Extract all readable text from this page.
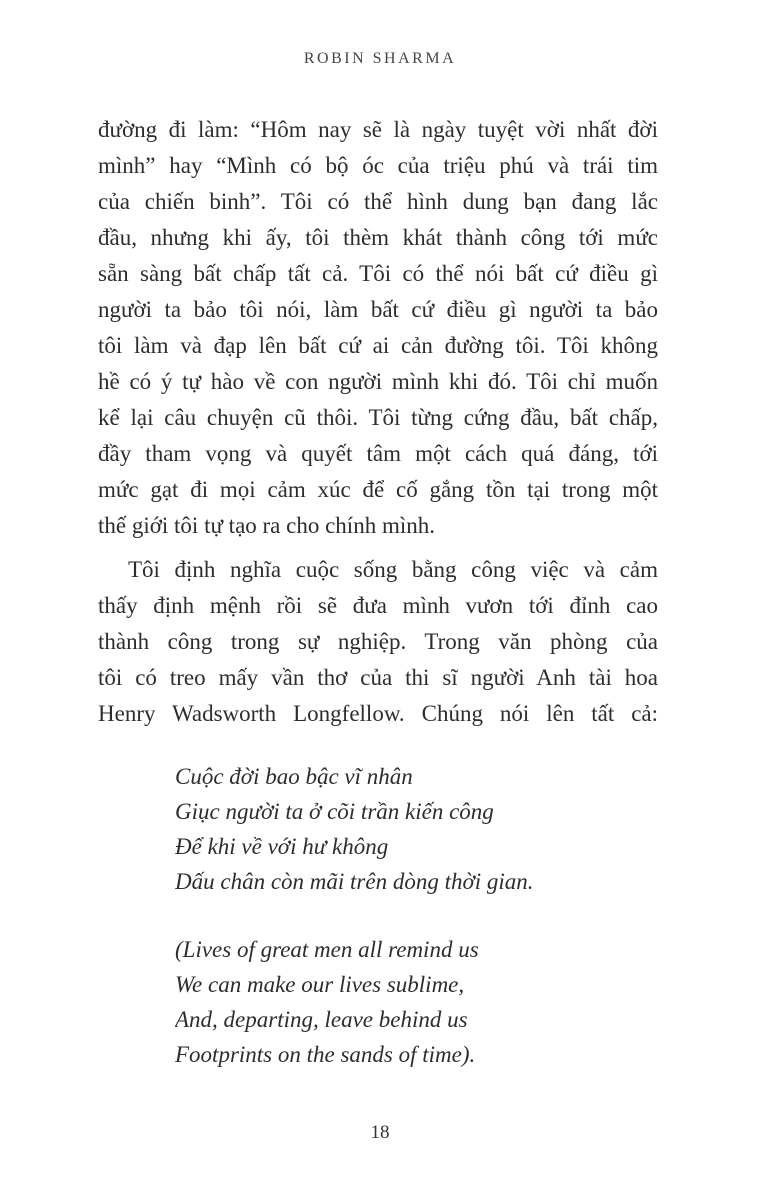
ROBIN SHARMA
đường đi làm: “Hôm nay sẽ là ngày tuyệt vời nhất đời
mình” hay “Mình có bộ óc của triệu phú và trái tim
của chiến binh”. Tôi có thể hình dung bạn đang lắc
đầu, nhưng khi ấy, tôi thèm khát thành công tới mức
sẵn sàng bất chấp tất cả. Tôi có thể nói bất cứ điều gì
người ta bảo tôi nói, làm bất cứ điều gì người ta bảo
tôi làm và đạp lên bất cứ ai cản đường tôi. Tôi không
hề có ý tự hào về con người mình khi đó. Tôi chỉ muốn
kể lại câu chuyện cũ thôi. Tôi từng cứng đầu, bất chấp,
đầy tham vọng và quyết tâm một cách quá đáng, tới
mức gạt đi mọi cảm xúc để cố gắng tồn tại trong một
thế giới tôi tự tạo ra cho chính mình.
Tôi định nghĩa cuộc sống bằng công việc và cảm
thấy định mệnh rồi sẽ đưa mình vươn tới đỉnh cao
thành công trong sự nghiệp. Trong văn phòng của
tôi có treo mấy vần thơ của thi sĩ người Anh tài hoa
Henry Wadsworth Longfellow. Chúng nói lên tất cả:
Cuộc đời bao bậc vĩ nhân
Giục người ta ở cõi trần kiến công
Để khi về với hư không
Dấu chân còn mãi trên dòng thời gian.
(Lives of great men all remind us
We can make our lives sublime,
And, departing, leave behind us
Footprints on the sands of time).
18
